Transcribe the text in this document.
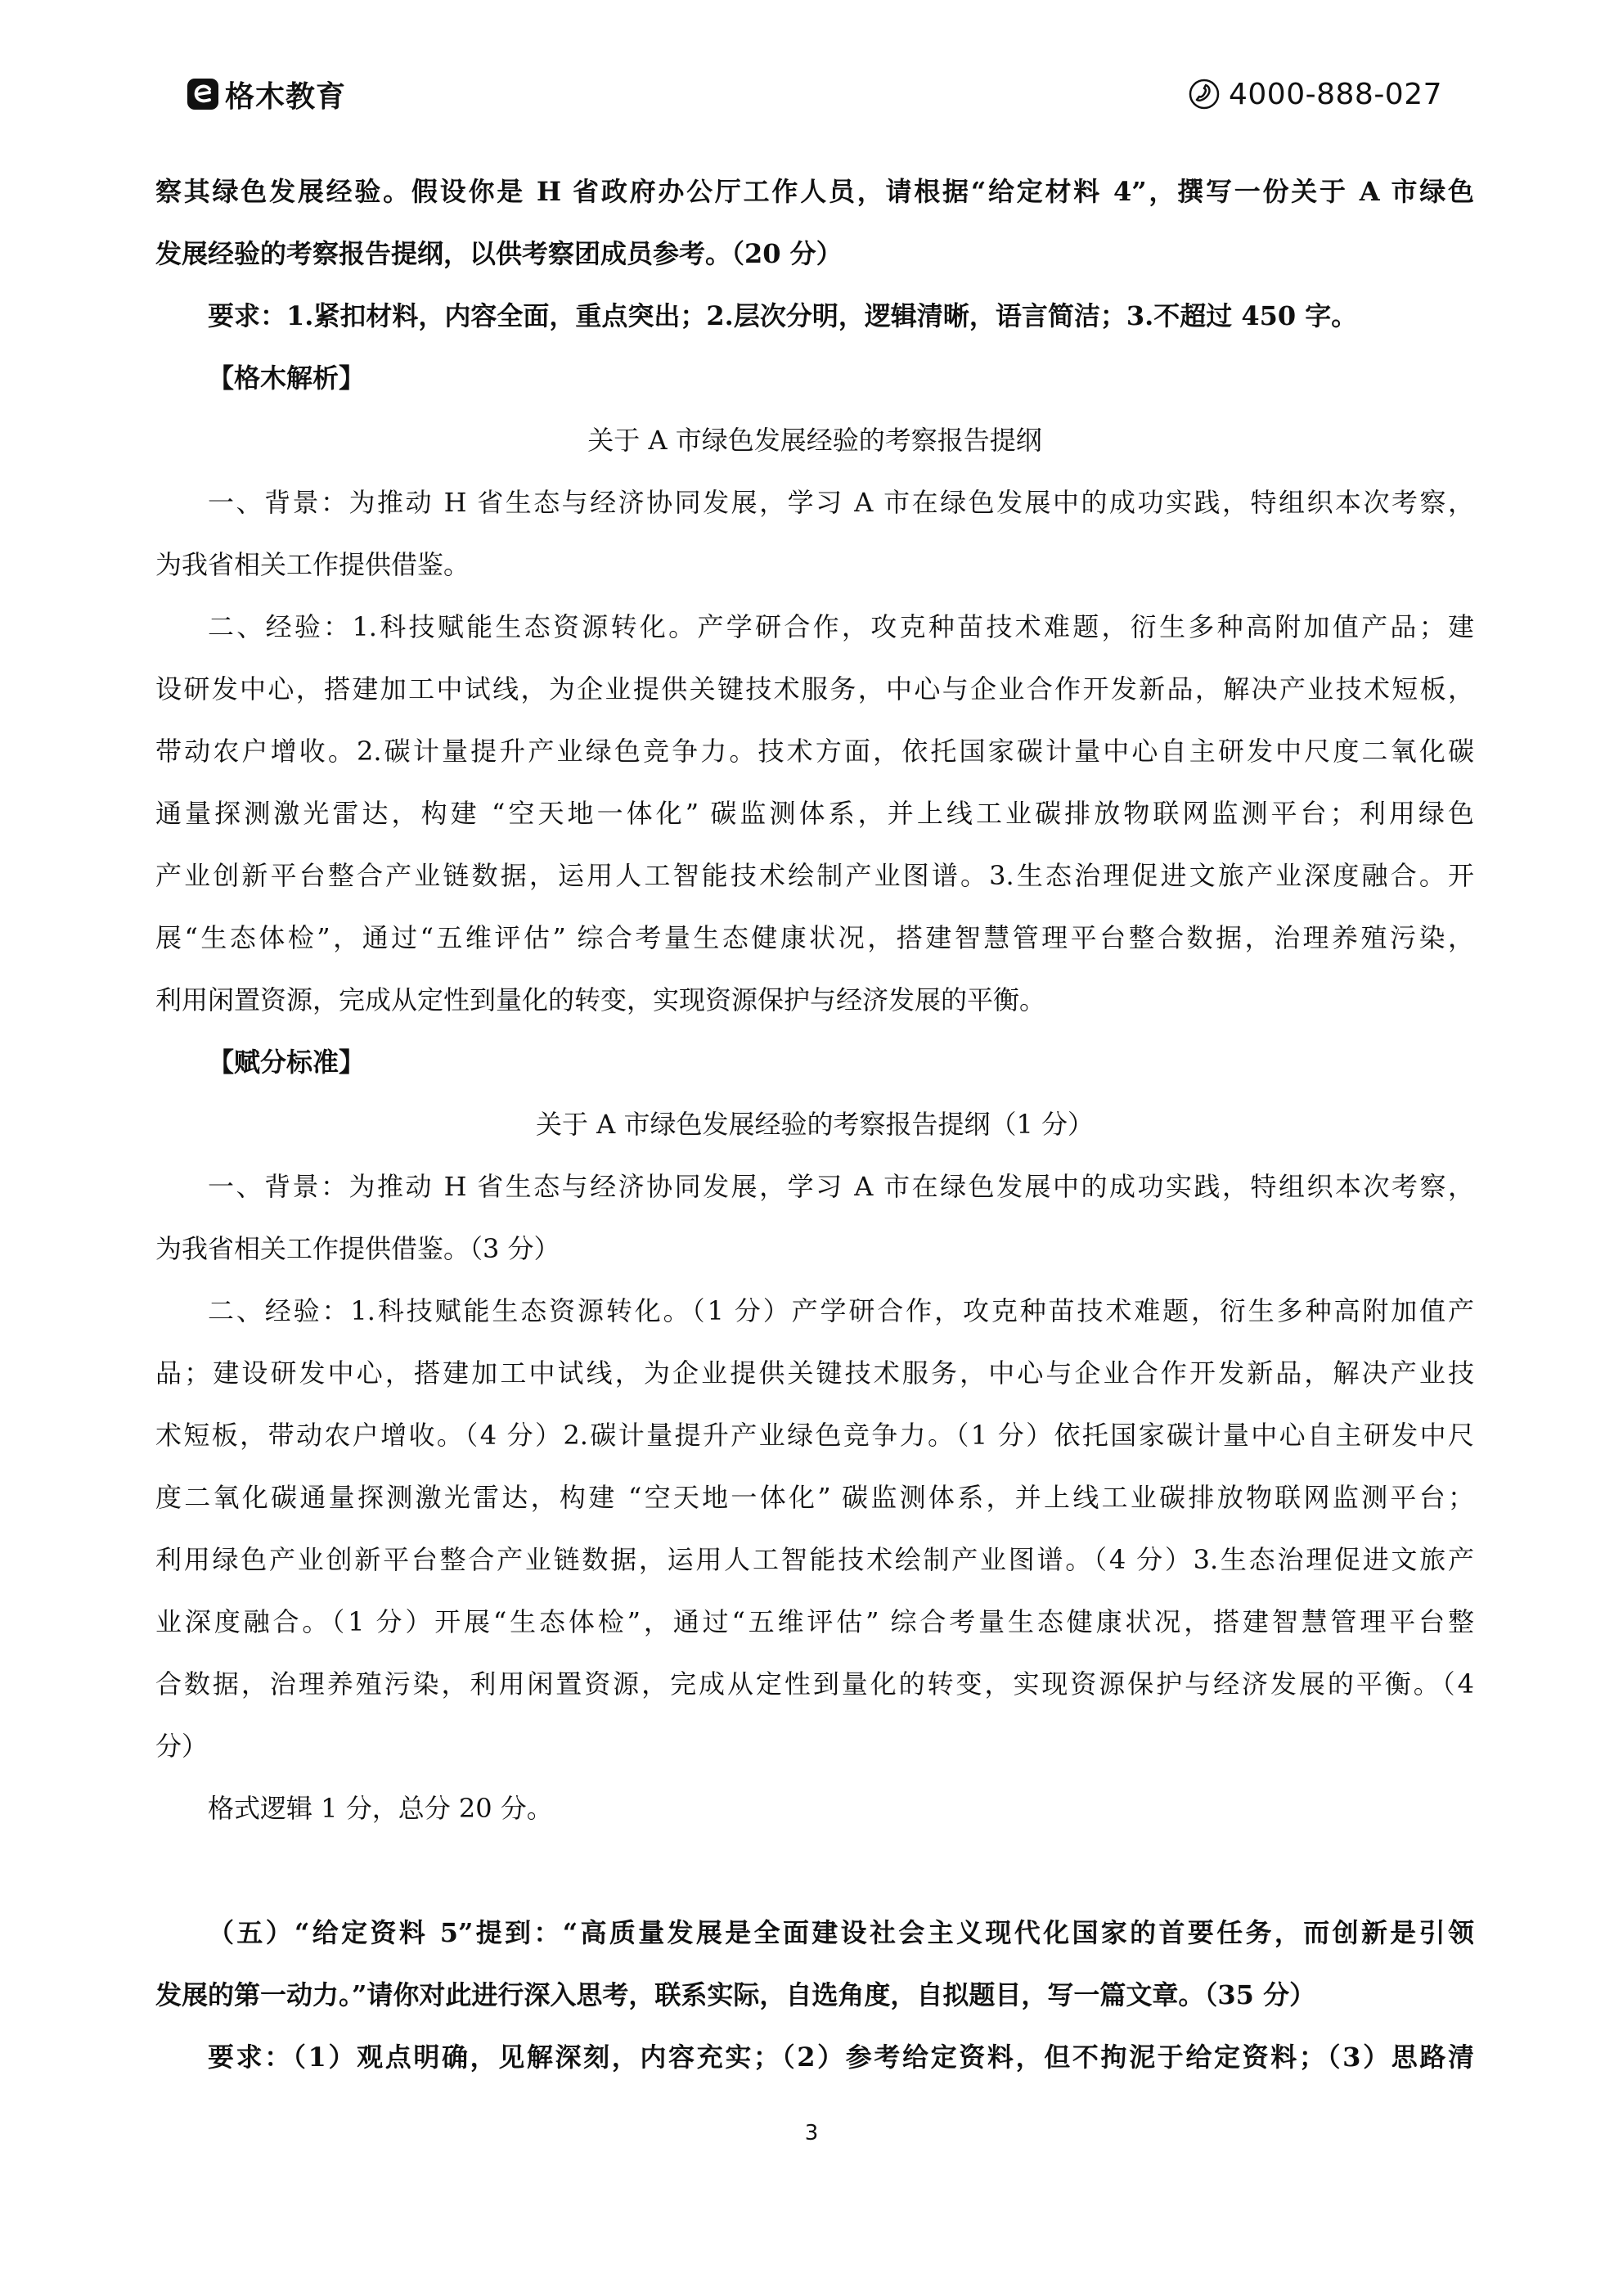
格木教育	4000-888-027
察其绿色发展经验。假设你是 H 省政府办公厅工作人员，请根据“给定材料 4”，撰写一份关于 A 市绿色
发展经验的考察报告提纲，以供考察团成员参考。（20 分）
要求：1.紧扣材料，内容全面，重点突出；2.层次分明，逻辑清晰，语言简洁；3.不超过 450 字。
【格木解析】
关于 A 市绿色发展经验的考察报告提纲
一、背景：为推动 H 省生态与经济协同发展，学习 A 市在绿色发展中的成功实践，特组织本次考察，
为我省相关工作提供借鉴。
二、经验：1.科技赋能生态资源转化。产学研合作，攻克种苗技术难题，衍生多种高附加值产品；建
设研发中心，搭建加工中试线，为企业提供关键技术服务，中心与企业合作开发新品，解决产业技术短板，
带动农户增收。2.碳计量提升产业绿色竞争力。技术方面，依托国家碳计量中心自主研发中尺度二氧化碳
通量探测激光雷达，构建 “空天地一体化” 碳监测体系，并上线工业碳排放物联网监测平台；利用绿色
产业创新平台整合产业链数据，运用人工智能技术绘制产业图谱。3.生态治理促进文旅产业深度融合。开
展“生态体检”，通过“五维评估” 综合考量生态健康状况，搭建智慧管理平台整合数据，治理养殖污染，
利用闲置资源，完成从定性到量化的转变，实现资源保护与经济发展的平衡。
【赋分标准】
关于 A 市绿色发展经验的考察报告提纲（1 分）
一、背景：为推动 H 省生态与经济协同发展，学习 A 市在绿色发展中的成功实践，特组织本次考察，
为我省相关工作提供借鉴。（3 分）
二、经验：1.科技赋能生态资源转化。（1 分）产学研合作，攻克种苗技术难题，衍生多种高附加值产
品；建设研发中心，搭建加工中试线，为企业提供关键技术服务，中心与企业合作开发新品，解决产业技
术短板，带动农户增收。（4 分）2.碳计量提升产业绿色竞争力。（1 分）依托国家碳计量中心自主研发中尺
度二氧化碳通量探测激光雷达，构建 “空天地一体化” 碳监测体系，并上线工业碳排放物联网监测平台；
利用绿色产业创新平台整合产业链数据，运用人工智能技术绘制产业图谱。（4 分）3.生态治理促进文旅产
业深度融合。（1 分）开展“生态体检”，通过“五维评估” 综合考量生态健康状况，搭建智慧管理平台整
合数据，治理养殖污染，利用闲置资源，完成从定性到量化的转变，实现资源保护与经济发展的平衡。（4
分）
格式逻辑 1 分，总分 20 分。
（五）“给定资料 5”提到：“高质量发展是全面建设社会主义现代化国家的首要任务，而创新是引领
发展的第一动力。”请你对此进行深入思考，联系实际，自选角度，自拟题目，写一篇文章。（35 分）
要求：（1）观点明确，见解深刻，内容充实；（2）参考给定资料，但不拘泥于给定资料；（3）思路清
3
